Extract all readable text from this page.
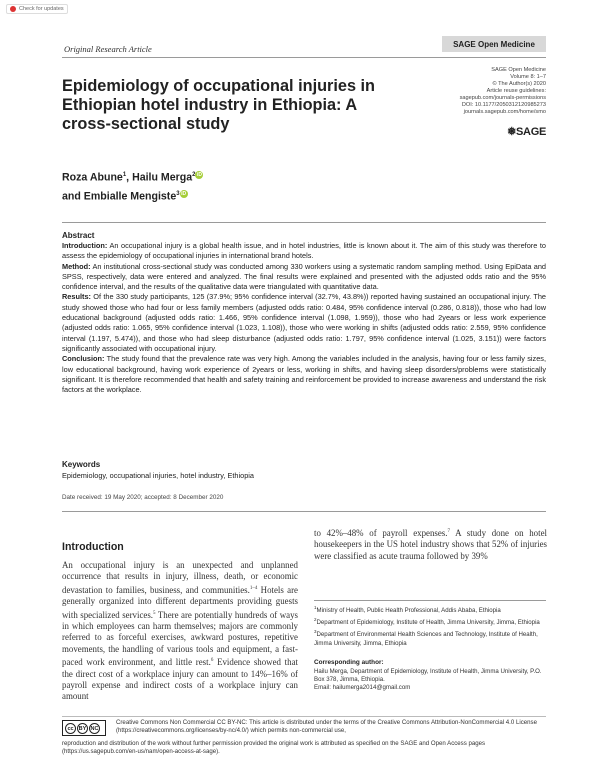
Check for updates
Original Research Article	SAGE Open Medicine
Epidemiology of occupational injuries in Ethiopian hotel industry in Ethiopia: A cross-sectional study
SAGE Open Medicine
Volume 8: 1–7
© The Author(s) 2020
Article reuse guidelines:
sagepub.com/journals-permissions
DOI: 10.1177/2050312120985273
journals.sagepub.com/home/smo
❅SAGE
Roza Abune$^1$, Hailu Merga$^2$ iD
and Embialle Mengiste$^3$ iD
Abstract

Introduction: An occupational injury is a global health issue, and in hotel industries, little is known about it. The aim of this study was therefore to assess the epidemiology of occupational injuries in international brand hotels.

Method: An institutional cross-sectional study was conducted among 330 workers using a systematic random sampling method. Using EpiData and SPSS, respectively, data were entered and analyzed. The final results were explained and presented with the adjusted odds ratio and the 95% confidence interval, and the results of the qualitative data were triangulated with quantitative data.

Results: Of the 330 study participants, 125 (37.9%; 95% confidence interval (32.7%, 43.8%)) reported having sustained an occupational injury. The study showed those who had four or less family members (adjusted odds ratio: 0.484, 95% confidence interval (0.286, 0.818)), those who had low educational background (adjusted odds ratio: 1.466, 95% confidence interval (1.098, 1.959)), those who had 2years or less work experience (adjusted odds ratio: 1.065, 95% confidence interval (1.023, 1.108)), those who were working in shifts (adjusted odds ratio: 2.559, 95% confidence interval (1.197, 5.474)), and those who had sleep disturbance (adjusted odds ratio: 1.797, 95% confidence interval (1.025, 3.151)) were factors significantly associated with occupational injury.

Conclusion: The study found that the prevalence rate was very high. Among the variables included in the analysis, having four or less family sizes, low educational background, having work experience of 2years or less, working in shifts, and having sleep disorders/problems were statistically significant. It is therefore recommended that health and safety training and reinforcement be provided to increase awareness and understand the risk factors at the workplace.

Keywords
Epidemiology, occupational injuries, hotel industry, Ethiopia
Date received: 19 May 2020; accepted: 8 December 2020
Introduction
An occupational injury is an unexpected and unplanned occurrence that results in injury, illness, death, or economic devastation to families, business, and communities.$^{1-4}$ Hotels are generally organized into different departments providing guests with specialized services.$^5$ There are potentially hundreds of ways in which employees can harm themselves; majors are commonly referred to as forceful exercises, awkward postures, repetitive movements, the handling of various tools and equipment, a fast-paced work environment, and little rest.$^6$ Evidence showed that the direct cost of a workplace injury can amount to 14%–16% of payroll expense and indirect costs of a workplace injury can amount
to 42%–48% of payroll expenses.$^7$ A study done on hotel housekeepers in the US hotel industry shows that 52% of injuries were classified as acute trauma followed by 39%

$^1$Ministry of Health, Public Health Professional, Addis Ababa, Ethiopia

$^2$Department of Epidemiology, Institute of Health, Jimma University, Jimma, Ethiopia

$^3$Department of Environmental Health Sciences and Technology, Institute of Health, Jimma University, Jimma, Ethiopia

Corresponding author:
Hailu Merga, Department of Epidemiology, Institute of Health, Jimma University, P.O. Box 378, Jimma, Ethiopia.
Email: hailumerga2014@gmail.com
cc BY NC
Creative Commons Non Commercial CC BY-NC: This article is distributed under the terms of the Creative Commons Attribution-NonCommercial 4.0 License (https://creativecommons.org/licenses/by-nc/4.0/) which permits non-commercial use,
reproduction and distribution of the work without further permission provided the original work is attributed as specified on the SAGE and Open Access pages (https://us.sagepub.com/en-us/nam/open-access-at-sage).
